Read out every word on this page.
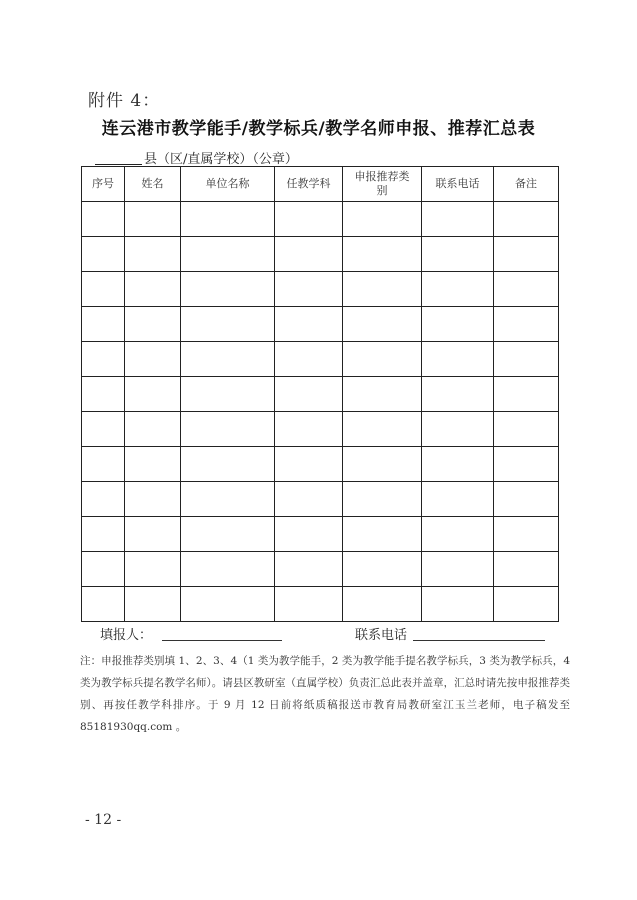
附件 4：
连云港市教学能手/教学标兵/教学名师申报、推荐汇总表
县（区/直属学校）（公章）
序号	姓名	单位名称	任教学科	申报推荐类别	联系电话	备注

填报人：	联系电话
注：申报推荐类别填 1、2、3、4（1 类为教学能手，2 类为教学能手提名教学标兵，3 类为教学标兵，4 类为教学标兵提名教学名师）。请县区教研室（直属学校）负责汇总此表并盖章，汇总时请先按申报推荐类别、再按任教学科排序。于 9 月 12 日前将纸质稿报送市教育局教研室江玉兰老师，电子稿发至 85181930qq.com 。
- 12 -
